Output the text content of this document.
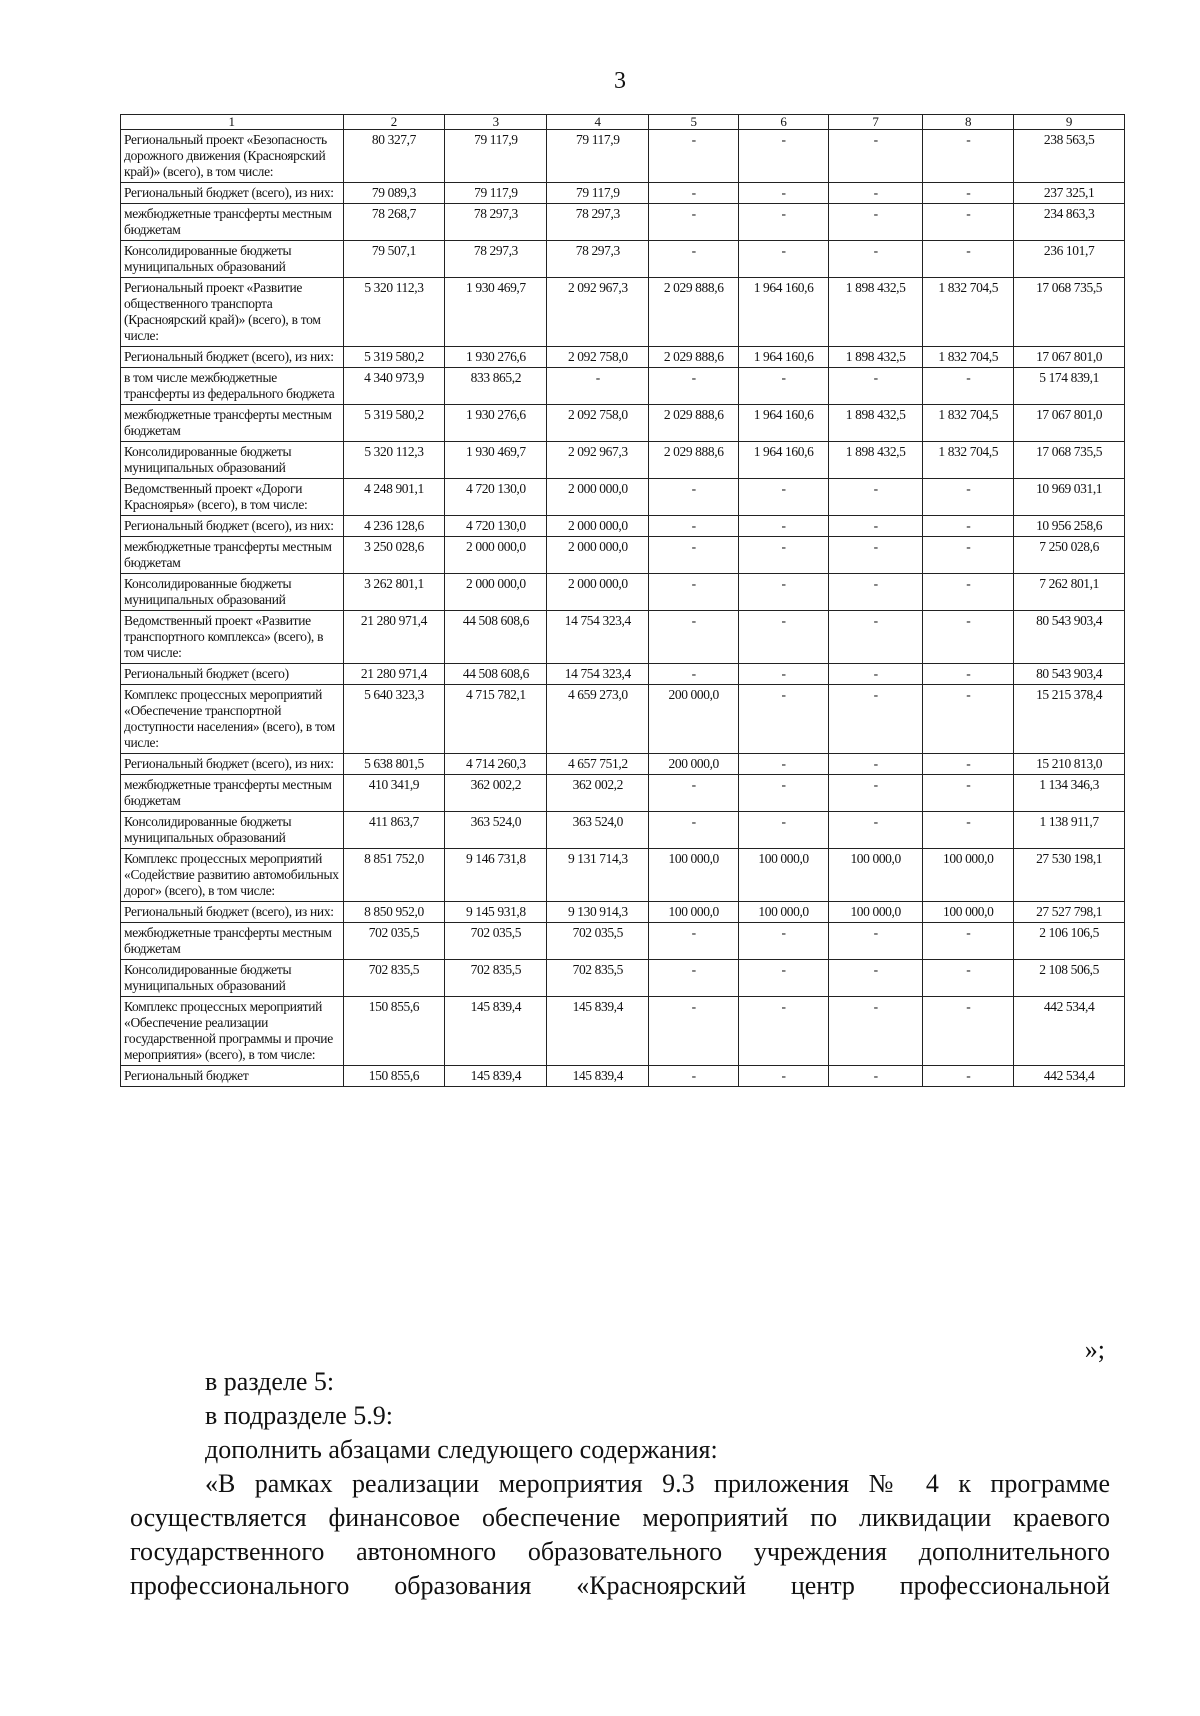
3
1	2	3	4	5	6	7	8	9
Региональный проект «Безопасность дорожного движения (Красноярский край)» (всего), в том числе:	80 327,7	79 117,9	79 117,9	-	-	-	-	238 563,5
Региональный бюджет (всего), из них:	79 089,3	79 117,9	79 117,9	-	-	-	-	237 325,1
межбюджетные трансферты местным бюджетам	78 268,7	78 297,3	78 297,3	-	-	-	-	234 863,3
Консолидированные бюджеты муниципальных образований	79 507,1	78 297,3	78 297,3	-	-	-	-	236 101,7
Региональный проект «Развитие общественного транспорта (Красноярский край)» (всего), в том числе:	5 320 112,3	1 930 469,7	2 092 967,3	2 029 888,6	1 964 160,6	1 898 432,5	1 832 704,5	17 068 735,5
Региональный бюджет (всего), из них:	5 319 580,2	1 930 276,6	2 092 758,0	2 029 888,6	1 964 160,6	1 898 432,5	1 832 704,5	17 067 801,0
в том числе межбюджетные трансферты из федерального бюджета	4 340 973,9	833 865,2	-	-	-	-	-	5 174 839,1
межбюджетные трансферты местным бюджетам	5 319 580,2	1 930 276,6	2 092 758,0	2 029 888,6	1 964 160,6	1 898 432,5	1 832 704,5	17 067 801,0
Консолидированные бюджеты муниципальных образований	5 320 112,3	1 930 469,7	2 092 967,3	2 029 888,6	1 964 160,6	1 898 432,5	1 832 704,5	17 068 735,5
Ведомственный проект «Дороги Красноярья» (всего), в том числе:	4 248 901,1	4 720 130,0	2 000 000,0	-	-	-	-	10 969 031,1
Региональный бюджет (всего), из них:	4 236 128,6	4 720 130,0	2 000 000,0	-	-	-	-	10 956 258,6
межбюджетные трансферты местным бюджетам	3 250 028,6	2 000 000,0	2 000 000,0	-	-	-	-	7 250 028,6
Консолидированные бюджеты муниципальных образований	3 262 801,1	2 000 000,0	2 000 000,0	-	-	-	-	7 262 801,1
Ведомственный проект «Развитие транспортного комплекса» (всего), в том числе:	21 280 971,4	44 508 608,6	14 754 323,4	-	-	-	-	80 543 903,4
Региональный бюджет (всего)	21 280 971,4	44 508 608,6	14 754 323,4	-	-	-	-	80 543 903,4
Комплекс процессных мероприятий «Обеспечение транспортной доступности населения» (всего), в том числе:	5 640 323,3	4 715 782,1	4 659 273,0	200 000,0	-	-	-	15 215 378,4
Региональный бюджет (всего), из них:	5 638 801,5	4 714 260,3	4 657 751,2	200 000,0	-	-	-	15 210 813,0
межбюджетные трансферты местным бюджетам	410 341,9	362 002,2	362 002,2	-	-	-	-	1 134 346,3
Консолидированные бюджеты муниципальных образований	411 863,7	363 524,0	363 524,0	-	-	-	-	1 138 911,7
Комплекс процессных мероприятий «Содействие развитию автомобильных дорог» (всего), в том числе:	8 851 752,0	9 146 731,8	9 131 714,3	100 000,0	100 000,0	100 000,0	100 000,0	27 530 198,1
Региональный бюджет (всего), из них:	8 850 952,0	9 145 931,8	9 130 914,3	100 000,0	100 000,0	100 000,0	100 000,0	27 527 798,1
межбюджетные трансферты местным бюджетам	702 035,5	702 035,5	702 035,5	-	-	-	-	2 106 106,5
Консолидированные бюджеты муниципальных образований	702 835,5	702 835,5	702 835,5	-	-	-	-	2 108 506,5
Комплекс процессных мероприятий «Обеспечение реализации государственной программы и прочие мероприятия» (всего), в том числе:	150 855,6	145 839,4	145 839,4	-	-	-	-	442 534,4
Региональный бюджет	150 855,6	145 839,4	145 839,4	-	-	-	-	442 534,4
»;

в разделе 5:

в подразделе 5.9:

дополнить абзацами следующего содержания:

«В рамках реализации мероприятия 9.3 приложения № 4 к программе

осуществляется финансовое обеспечение мероприятий по ликвидации краевого

государственного автономного образовательного учреждения дополнительного

профессионального образования «Красноярский центр профессиональной
